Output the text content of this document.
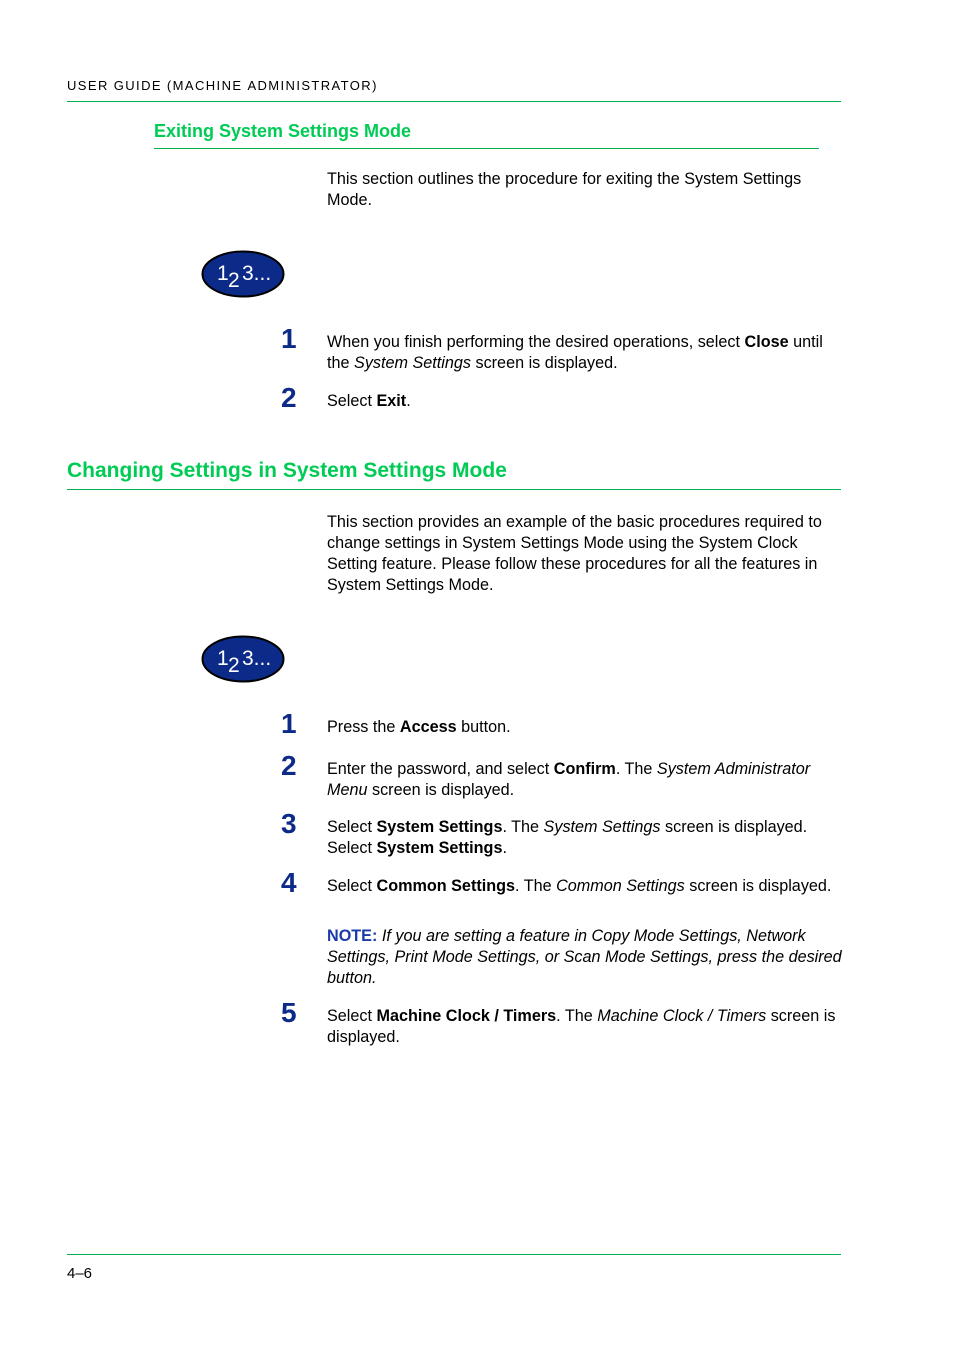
USER GUIDE (MACHINE ADMINISTRATOR)
Exiting System Settings Mode
This section outlines the procedure for exiting the System Settings Mode.
1 2 3...
1 When you finish performing the desired operations, select Close until the System Settings screen is displayed.
2 Select Exit.
Changing Settings in System Settings Mode
This section provides an example of the basic procedures required to change settings in System Settings Mode using the System Clock Setting feature. Please follow these procedures for all the features in System Settings Mode.
1 2 3...
1 Press the Access button.
2 Enter the password, and select Confirm. The System Administrator Menu screen is displayed.
3 Select System Settings. The System Settings screen is displayed. Select System Settings.
4 Select Common Settings. The Common Settings screen is displayed.
NOTE: If you are setting a feature in Copy Mode Settings, Network Settings, Print Mode Settings, or Scan Mode Settings, press the desired button.
5 Select Machine Clock / Timers. The Machine Clock / Timers screen is displayed.
4–6
